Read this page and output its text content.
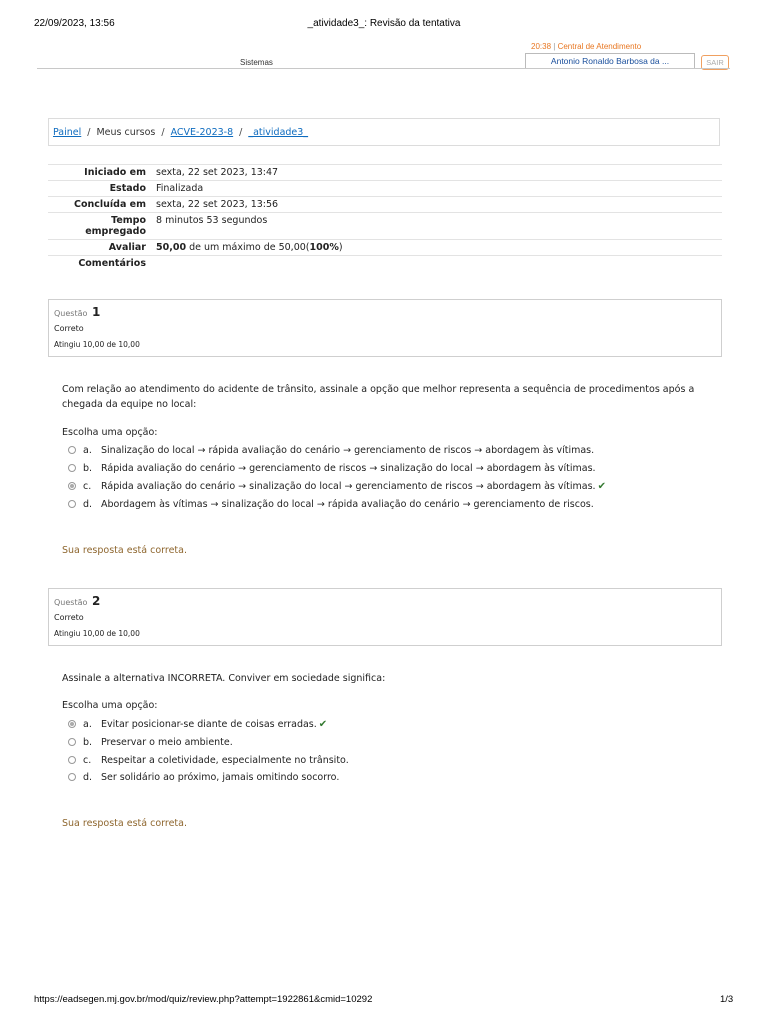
22/09/2023, 13:56	_atividade3_: Revisão da tentativa
Sistemas
20:38 | Central de Atendimento
Antonio Ronaldo Barbosa da ...	SAIR
Painel / Meus cursos / ACVE-2023-8 / _atividade3_
Iniciado em	sexta, 22 set 2023, 13:47
Estado	Finalizada
Concluída em	sexta, 22 set 2023, 13:56
Tempo
empregado	8 minutos 53 segundos
Avaliar	50,00 de um máximo de 50,00(100%)
Comentários	
Questão 1
Correto
Atingiu 10,00 de 10,00
Com relação ao atendimento do acidente de trânsito, assinale a opção que melhor representa a sequência de procedimentos após a chegada da equipe no local:
Escolha uma opção:
a. Sinalização do local → rápida avaliação do cenário → gerenciamento de riscos → abordagem às vítimas.
b. Rápida avaliação do cenário → gerenciamento de riscos → sinalização do local → abordagem às vítimas.
c.	Rápida avaliação do cenário → sinalização do local → gerenciamento de riscos → abordagem às vítimas. ✔
d. Abordagem às vítimas → sinalização do local → rápida avaliação do cenário → gerenciamento de riscos.
Sua resposta está correta.
Questão 2
Correto
Atingiu 10,00 de 10,00
Assinale a alternativa INCORRETA. Conviver em sociedade significa:
Escolha uma opção:
a. Evitar posicionar-se diante de coisas erradas. ✔
b. Preservar o meio ambiente.
c.	Respeitar a coletividade, especialmente no trânsito.
d. Ser solidário ao próximo, jamais omitindo socorro.
Sua resposta está correta.
https://eadsegen.mj.gov.br/mod/quiz/review.php?attempt=1922861&cmid=10292	1/3
